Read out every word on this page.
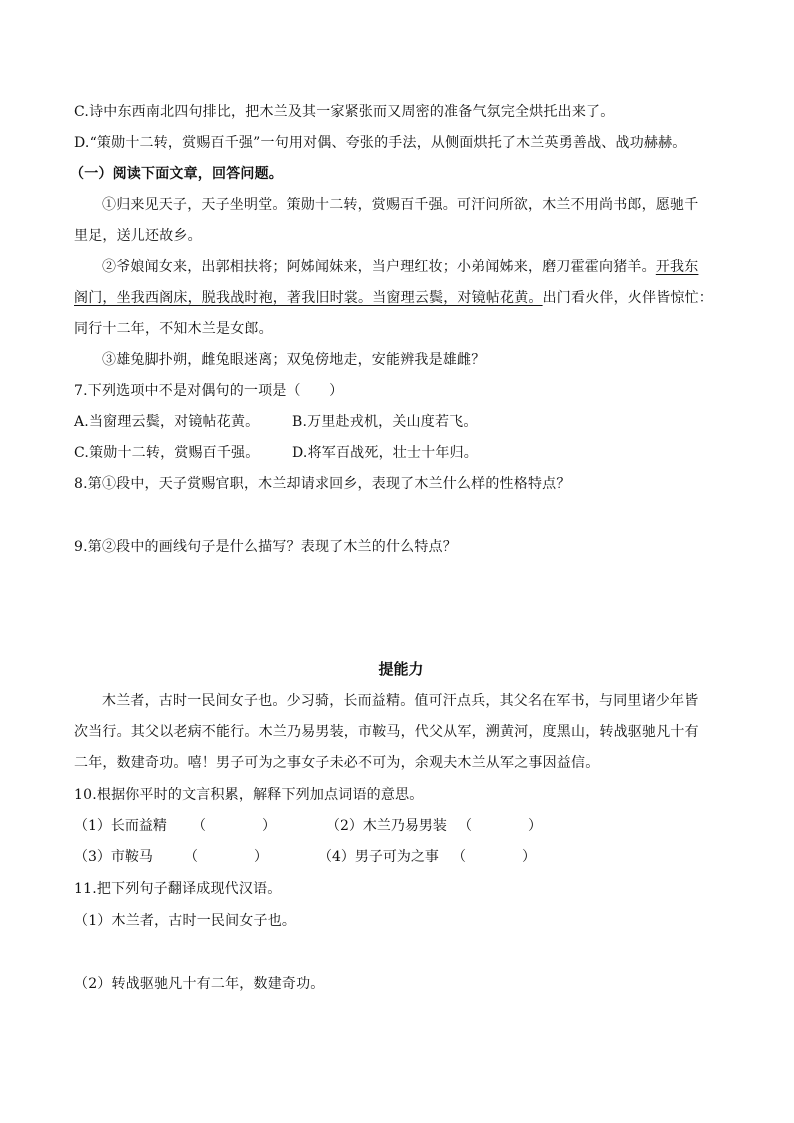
C.诗中东西南北四句排比，把木兰及其一家紧张而又周密的准备气氛完全烘托出来了。
D.“策勋十二转，赏赐百千强”一句用对偶、夸张的手法，从侧面烘托了木兰英勇善战、战功赫赫。
（一）阅读下面文章，回答问题。
①归来见天子，天子坐明堂。策勋十二转，赏赐百千强。可汗问所欲，木兰不用尚书郎，愿驰千
里足，送儿还故乡。
②爷娘闻女来，出郭相扶将；阿姊闻妹来，当户理红妆；小弟闻姊来，磨刀霍霍向猪羊。开我东
阁门，坐我西阁床，脱我战时袍，著我旧时裳。当窗理云鬓，对镜帖花黄。出门看火伴，火伴皆惊忙：
同行十二年，不知木兰是女郎。
③雄兔脚扑朔，雌兔眼迷离；双兔傍地走，安能辨我是雄雌？
7.下列选项中不是对偶句的一项是（　　）
A.当窗理云鬓，对镜帖花黄。 B.万里赴戎机，关山度若飞。
C.策勋十二转，赏赐百千强。 D.将军百战死，壮士十年归。
8.第①段中，天子赏赐官职，木兰却请求回乡，表现了木兰什么样的性格特点？
9.第②段中的画线句子是什么描写？表现了木兰的什么特点？
提能力
木兰者，古时一民间女子也。少习骑，长而益精。值可汗点兵，其父名在军书，与同里诸少年皆
次当行。其父以老病不能行。木兰乃易男装，市鞍马，代父从军，溯黄河，度黑山，转战驱驰凡十有
二年，数建奇功。嘻！男子可为之事女子未必不可为，余观夫木兰从军之事因益信。
10.根据你平时的文言积累，解释下列加点词语的意思。
（1）长而益精 （　　　　）	（2）木兰乃易男装 （　　　　）
（3）市鞍马 （　　　　）	（4）男子可为之事 （　　　　）
11.把下列句子翻译成现代汉语。
（1）木兰者，古时一民间女子也。
（2）转战驱驰凡十有二年，数建奇功。
